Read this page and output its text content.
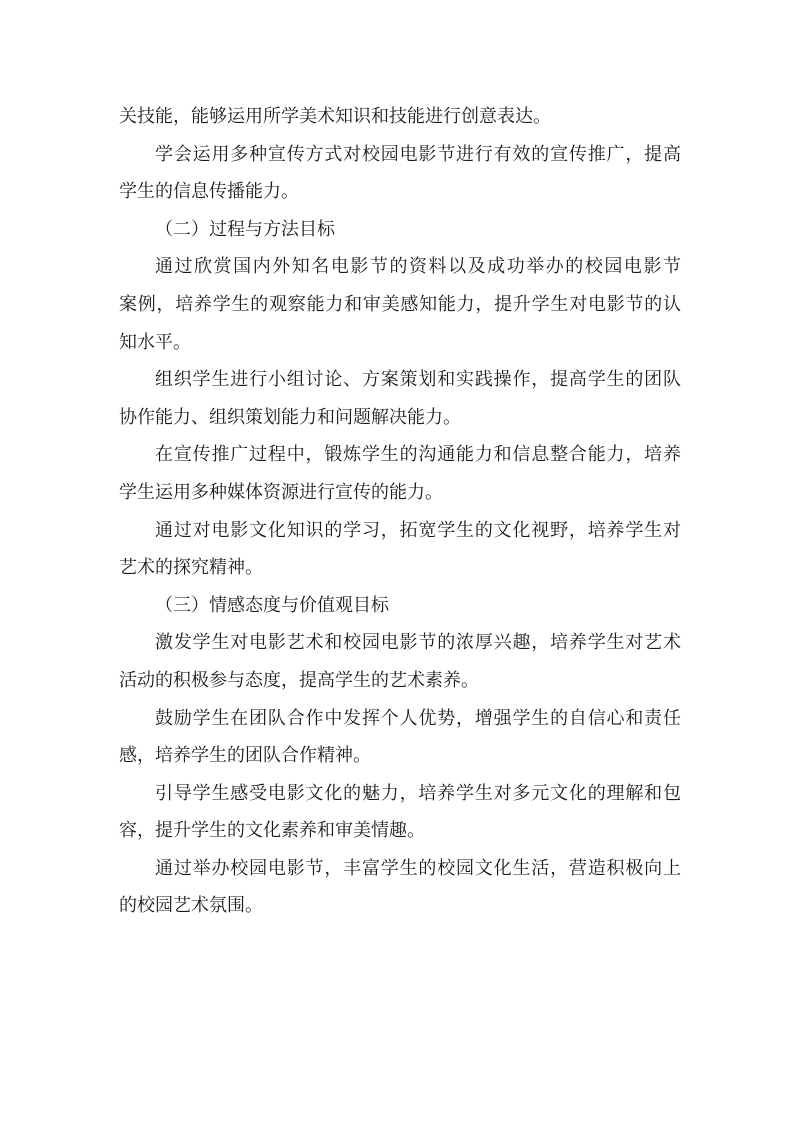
关技能，能够运用所学美术知识和技能进行创意表达。
学会运用多种宣传方式对校园电影节进行有效的宣传推广，提高
学生的信息传播能力。
（二）过程与方法目标
通过欣赏国内外知名电影节的资料以及成功举办的校园电影节
案例，培养学生的观察能力和审美感知能力，提升学生对电影节的认
知水平。
组织学生进行小组讨论、方案策划和实践操作，提高学生的团队
协作能力、组织策划能力和问题解决能力。
在宣传推广过程中，锻炼学生的沟通能力和信息整合能力，培养
学生运用多种媒体资源进行宣传的能力。
通过对电影文化知识的学习，拓宽学生的文化视野，培养学生对
艺术的探究精神。
（三）情感态度与价值观目标
激发学生对电影艺术和校园电影节的浓厚兴趣，培养学生对艺术
活动的积极参与态度，提高学生的艺术素养。
鼓励学生在团队合作中发挥个人优势，增强学生的自信心和责任
感，培养学生的团队合作精神。
引导学生感受电影文化的魅力，培养学生对多元文化的理解和包
容，提升学生的文化素养和审美情趣。
通过举办校园电影节，丰富学生的校园文化生活，营造积极向上
的校园艺术氛围。
